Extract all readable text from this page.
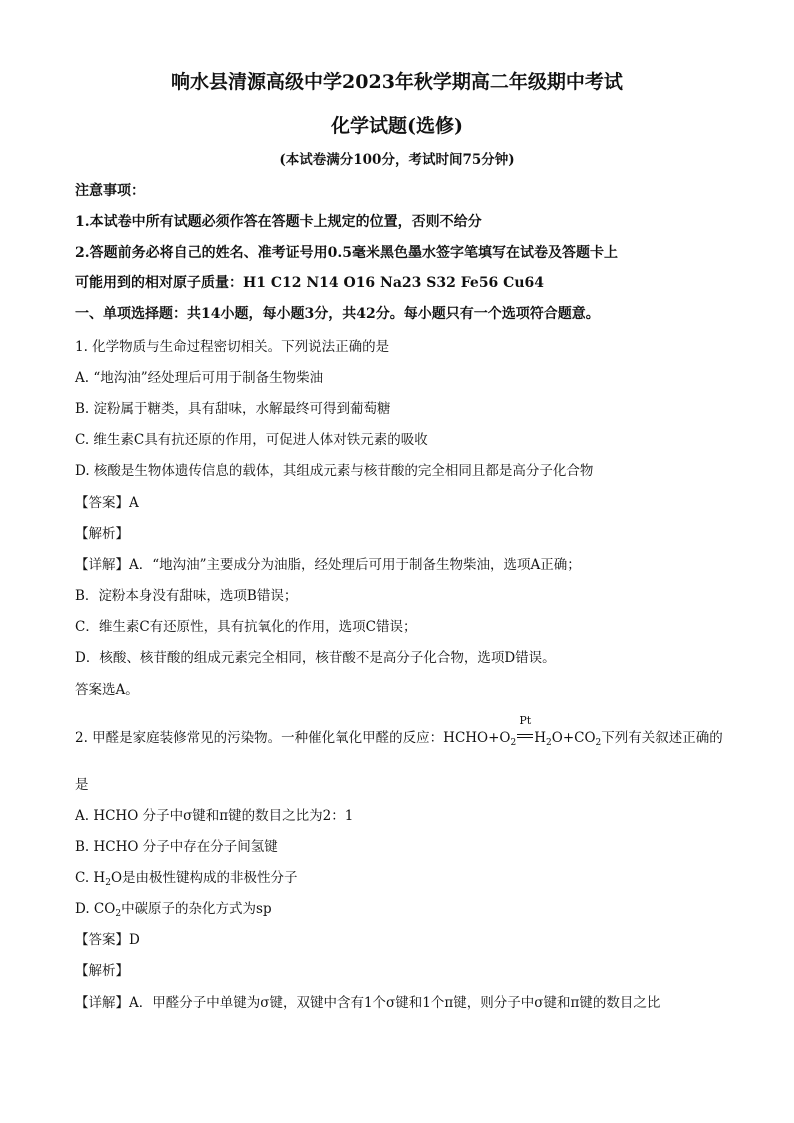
响水县清源高级中学2023年秋学期高二年级期中考试
化学试题(选修)
(本试卷满分100分，考试时间75分钟)
注意事项：
1.本试卷中所有试题必须作答在答题卡上规定的位置，否则不给分
2.答题前务必将自己的姓名、准考证号用0.5毫米黑色墨水签字笔填写在试卷及答题卡上
可能用到的相对原子质量：H1 C12 N14 O16 Na23 S32 Fe56 Cu64
一、单项选择题：共14小题，每小题3分，共42分。每小题只有一个选项符合题意。
1. 化学物质与生命过程密切相关。下列说法正确的是
A. “地沟油”经处理后可用于制备生物柴油
B. 淀粉属于糖类，具有甜味，水解最终可得到葡萄糖
C. 维生素C具有抗还原的作用，可促进人体对铁元素的吸收
D. 核酸是生物体遗传信息的载体，其组成元素与核苷酸的完全相同且都是高分子化合物
【答案】A
【解析】
【详解】A．“地沟油”主要成分为油脂，经处理后可用于制备生物柴油，选项A正确；
B．淀粉本身没有甜味，选项B错误；
C．维生素C有还原性，具有抗氧化的作用，选项C错误；
D．核酸、核苷酸的组成元素完全相同，核苷酸不是高分子化合物，选项D错误。
答案选A。
2. 甲醛是家庭装修常见的污染物。一种催化氧化甲醛的反应：$HCHO+O_2$
Pt
$H_2O+CO_2$下列有关叙述正确的
是
A. HCHO 分子中σ键和π键的数目之比为2：1
B. HCHO 分子中存在分子间氢键
C. $H_2O$是由极性键构成的非极性分子
D. $CO_2$中碳原子的杂化方式为sp
【答案】D
【解析】
【详解】A．甲醛分子中单键为σ键，双键中含有1个σ键和1个π键，则分子中σ键和π键的数目之比
